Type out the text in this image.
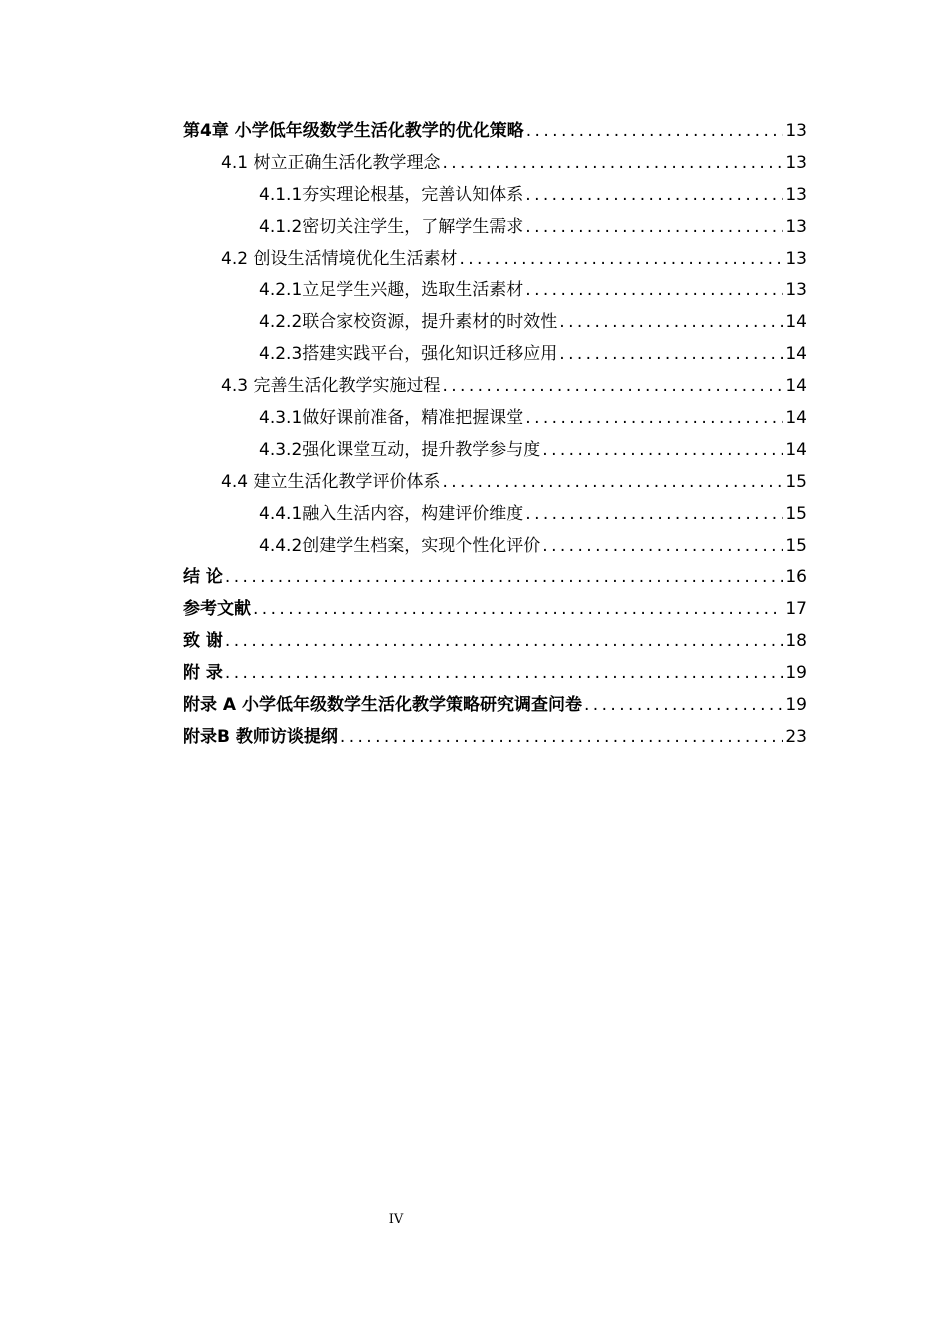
第4章 小学低年级数学生活化教学的优化策略 .....	13
4.1 树立正确生活化教学理念 .....	13
4.1.1夯实理论根基，完善认知体系 .....	13
4.1.2密切关注学生，了解学生需求 .....	13
4.2 创设生活情境优化生活素材 .....	13
4.2.1立足学生兴趣，选取生活素材 .....	13
4.2.2联合家校资源，提升素材的时效性 .....	14
4.2.3搭建实践平台，强化知识迁移应用 .....	14
4.3 完善生活化教学实施过程 .....	14
4.3.1做好课前准备，精准把握课堂 .....	14
4.3.2强化课堂互动，提升教学参与度 .....	14
4.4 建立生活化教学评价体系 .....	15
4.4.1融入生活内容，构建评价维度 .....	15
4.4.2创建学生档案，实现个性化评价 .....	15
结 论 .....	16
参考文献 .....	17
致 谢 .....	18
附 录 .....	19
附录 A 小学低年级数学生活化教学策略研究调查问卷 .....	19
附录B 教师访谈提纲 .....	23
IV
